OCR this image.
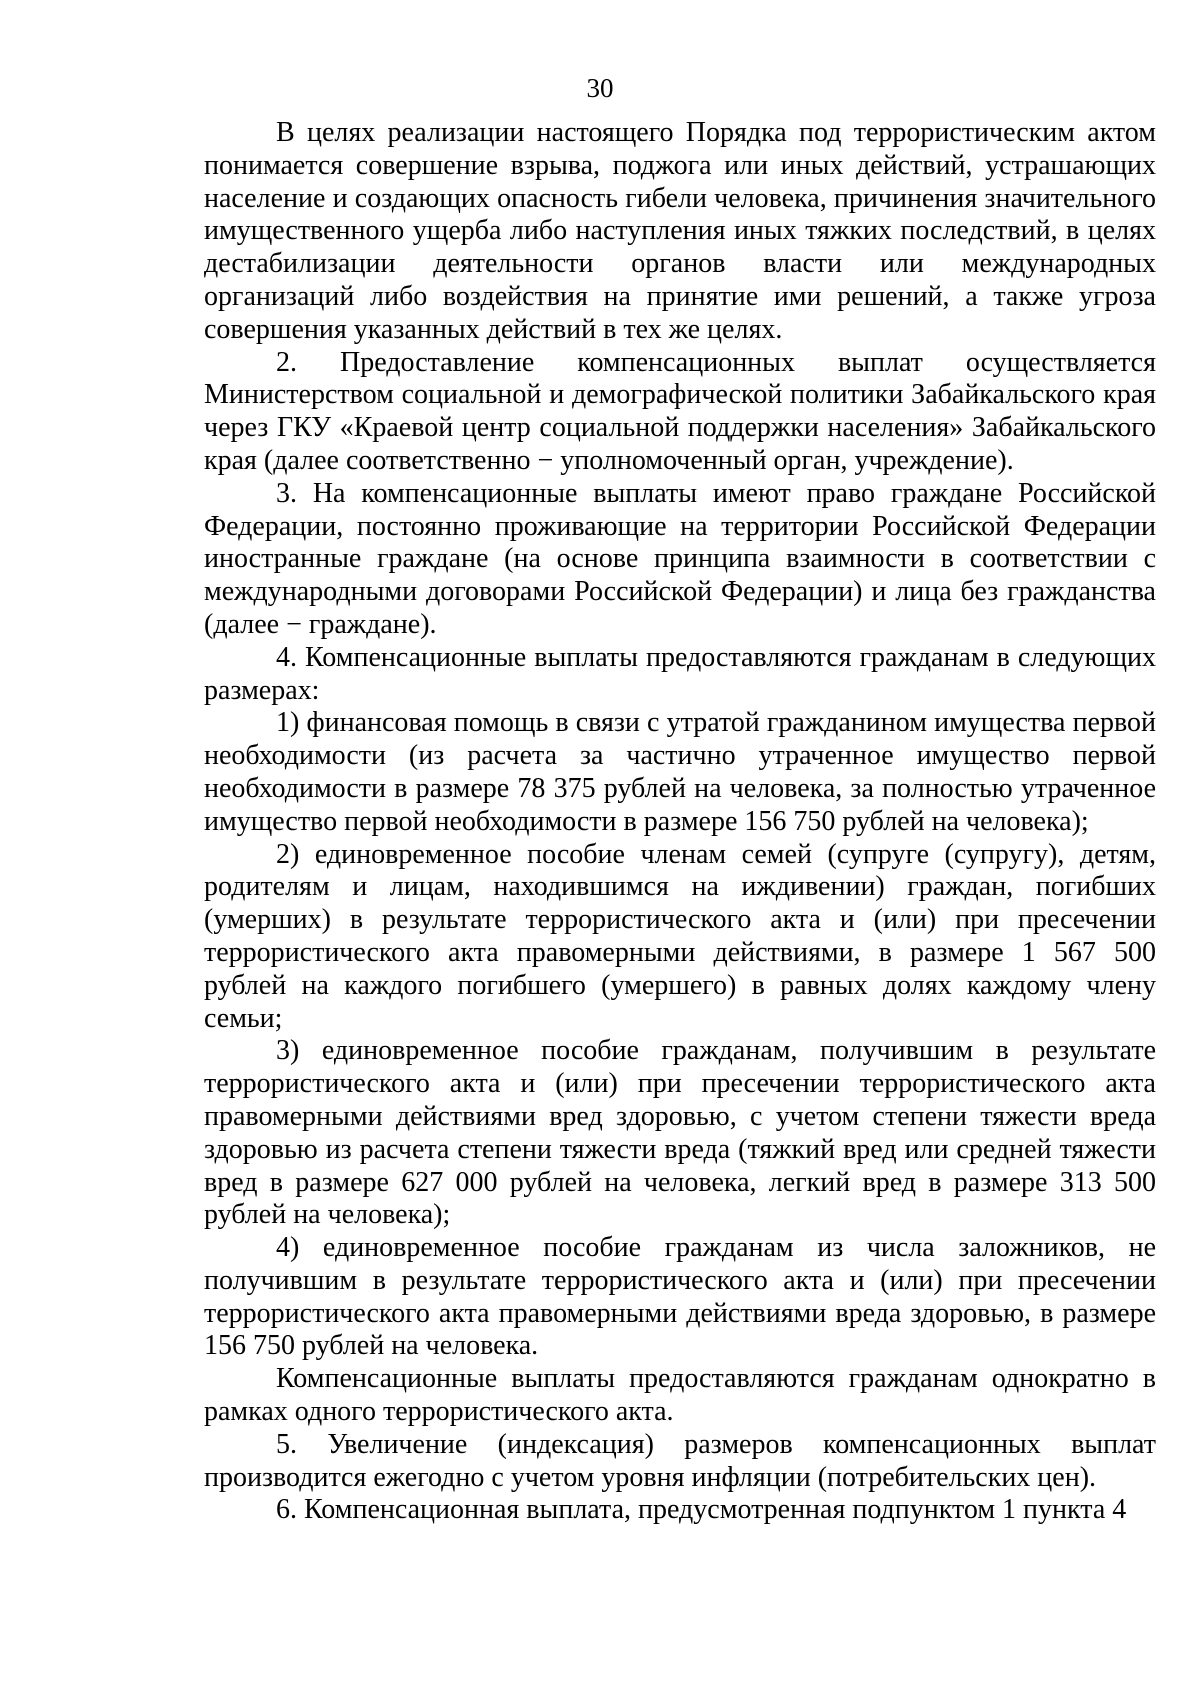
30

В целях реализации настоящего Порядка под террористическим актом понимается совершение взрыва, поджога или иных действий, устрашающих население и создающих опасность гибели человека, причинения значительного имущественного ущерба либо наступления иных тяжких последствий, в целях дестабилизации деятельности органов власти или международных организаций либо воздействия на принятие ими решений, а также угроза совершения указанных действий в тех же целях.

2. Предоставление компенсационных выплат осуществляется Министерством социальной и демографической политики Забайкальского края через ГКУ «Краевой центр социальной поддержки населения» Забайкальского края (далее соответственно − уполномоченный орган, учреждение).

3. На компенсационные выплаты имеют право граждане Российской Федерации, постоянно проживающие на территории Российской Федерации иностранные граждане (на основе принципа взаимности в соответствии с международными договорами Российской Федерации) и лица без гражданства (далее − граждане).

4. Компенсационные выплаты предоставляются гражданам в следующих размерах:

1) финансовая помощь в связи с утратой гражданином имущества первой необходимости (из расчета за частично утраченное имущество первой необходимости в размере 78 375 рублей на человека, за полностью утраченное имущество первой необходимости в размере 156 750 рублей на человека);

2) единовременное пособие членам семей (супруге (супругу), детям, родителям и лицам, находившимся на иждивении) граждан, погибших (умерших) в результате террористического акта и (или) при пресечении террористического акта правомерными действиями, в размере 1 567 500 рублей на каждого погибшего (умершего) в равных долях каждому члену семьи;

3) единовременное пособие гражданам, получившим в результате террористического акта и (или) при пресечении террористического акта правомерными действиями вред здоровью, с учетом степени тяжести вреда здоровью из расчета степени тяжести вреда (тяжкий вред или средней тяжести вред в размере 627 000 рублей на человека, легкий вред в размере 313 500 рублей на человека);

4) единовременное пособие гражданам из числа заложников, не получившим в результате террористического акта и (или) при пресечении террористического акта правомерными действиями вреда здоровью, в размере 156 750 рублей на человека.

Компенсационные выплаты предоставляются гражданам однократно в рамках одного террористического акта.

5. Увеличение (индексация) размеров компенсационных выплат производится ежегодно с учетом уровня инфляции (потребительских цен).

6. Компенсационная выплата, предусмотренная подпунктом 1 пункта 4
